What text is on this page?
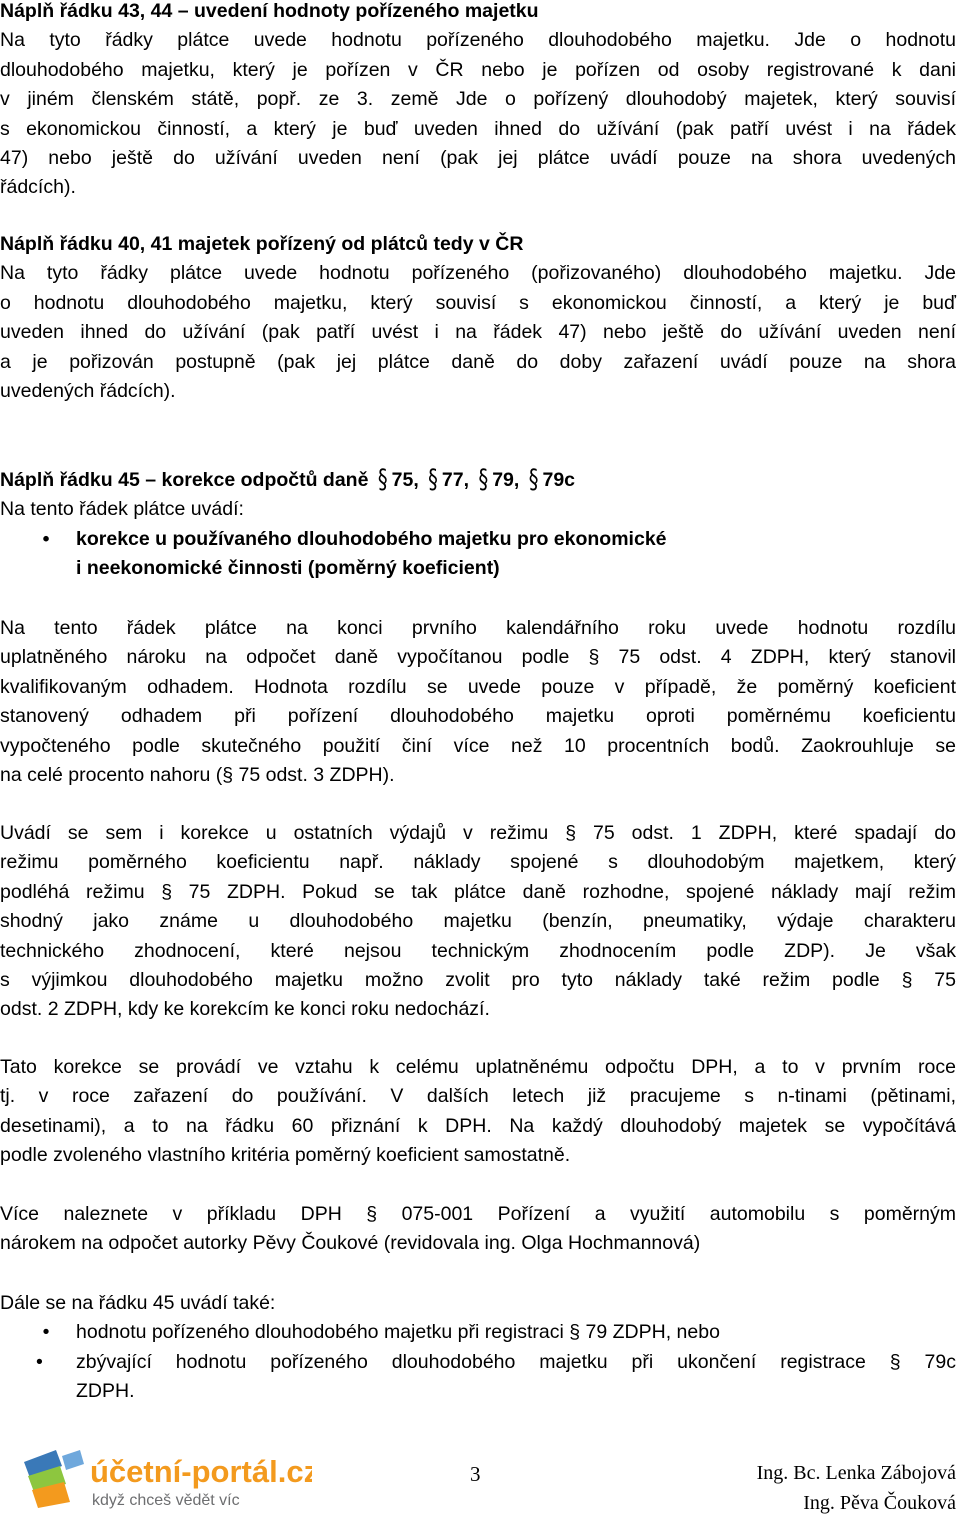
Náplň řádku 43, 44 – uvedení hodnoty pořízeného majetku
Na tyto řádky plátce uvede hodnotu pořízeného dlouhodobého majetku. Jde o hodnotu
dlouhodobého majetku, který je pořízen v ČR nebo je pořízen od osoby registrované k dani
v jiném členském státě, popř. ze 3. země Jde o pořízený dlouhodobý majetek, který souvisí
s ekonomickou činností, a který je buď uveden ihned do užívání (pak patří uvést i na řádek
47) nebo ještě do užívání uveden není (pak jej plátce uvádí pouze na shora uvedených
řádcích).
Náplň řádku 40, 41 majetek pořízený od plátců tedy v ČR
Na tyto řádky plátce uvede hodnotu pořízeného (pořizovaného) dlouhodobého majetku. Jde
o hodnotu dlouhodobého majetku, který souvisí s ekonomickou činností, a který je buď
uveden ihned do užívání (pak patří uvést i na řádek 47) nebo ještě do užívání uveden není
a je pořizován postupně (pak jej plátce daně do doby zařazení uvádí pouze na shora
uvedených řádcích).
Náplň řádku 45 – korekce odpočtů daně § 75, § 77, § 79, § 79c
Na tento řádek plátce uvádí:
•	korekce u používaného dlouhodobého majetku pro ekonomické
i neekonomické činnosti (poměrný koeficient)
Na tento řádek plátce na konci prvního kalendářního roku uvede hodnotu rozdílu
uplatněného nároku na odpočet daně vypočítanou podle § 75 odst. 4 ZDPH, který stanovil
kvalifikovaným odhadem. Hodnota rozdílu se uvede pouze v případě, že poměrný koeficient
stanovený odhadem při pořízení dlouhodobého majetku oproti poměrnému koeficientu
vypočteného podle skutečného použití činí více než 10 procentních bodů. Zaokrouhluje se
na celé procento nahoru (§ 75 odst. 3 ZDPH).
Uvádí se sem i korekce u ostatních výdajů v režimu § 75 odst. 1 ZDPH, které spadají do
režimu poměrného koeficientu např. náklady spojené s dlouhodobým majetkem, který
podléhá režimu § 75 ZDPH. Pokud se tak plátce daně rozhodne, spojené náklady mají režim
shodný jako známe u dlouhodobého majetku (benzín, pneumatiky, výdaje charakteru
technického zhodnocení, které nejsou technickým zhodnocením podle ZDP). Je však
s výjimkou dlouhodobého majetku možno zvolit pro tyto náklady také režim podle § 75
odst. 2 ZDPH, kdy ke korekcím ke konci roku nedochází.
Tato korekce se provádí ve vztahu k celému uplatněnému odpočtu DPH, a to v prvním roce
tj. v roce zařazení do používání. V dalších letech již pracujeme s n-tinami (pětinami,
desetinami), a to na řádku 60 přiznání k DPH. Na každý dlouhodobý majetek se vypočítává
podle zvoleného vlastního kritéria poměrný koeficient samostatně.
Více naleznete v příkladu DPH § 075-001 Pořízení a využití automobilu s poměrným
nárokem na odpočet autorky Pěvy Čoukové (revidovala ing. Olga Hochmannová)
Dále se na řádku 45 uvádí také:
•	hodnotu pořízeného dlouhodobého majetku při registraci § 79 ZDPH, nebo
•	zbývající hodnotu pořízeného dlouhodobého majetku při ukončení registrace § 79c
ZDPH.
účetní-portál.cz
když chceš vědět víc
3	Ing. Bc. Lenka Zábojová
Ing. Pěva Čouková
